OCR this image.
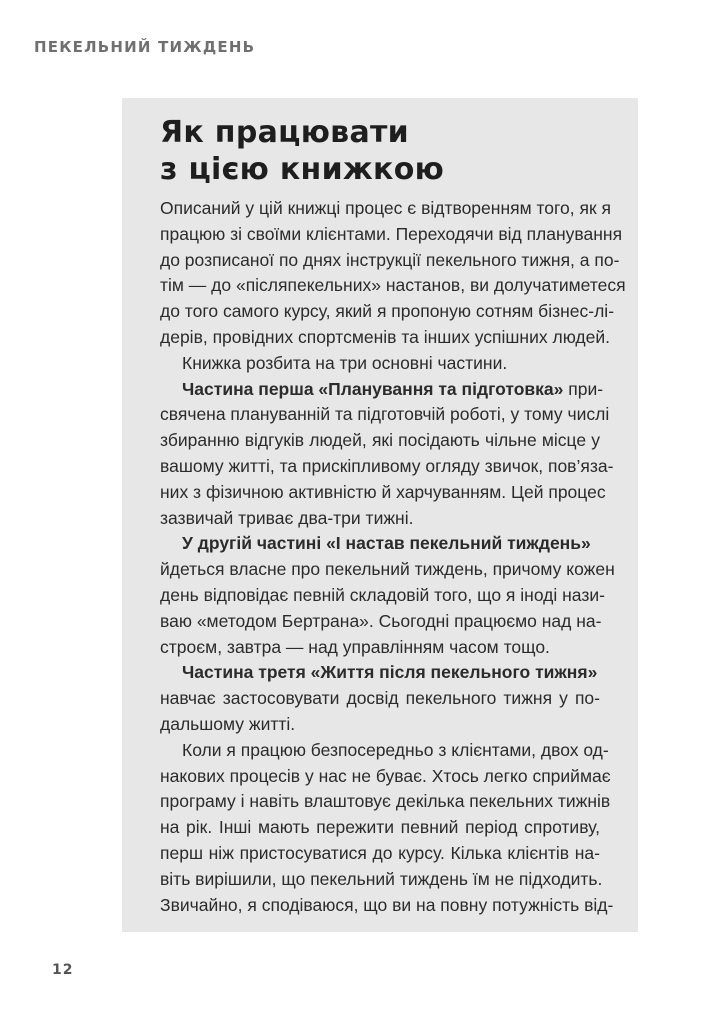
ПЕКЕЛЬНИЙ ТИЖДЕНЬ
Як працювати
з цією книжкою
Описаний у цій книжці процес є відтворенням того, як я
працюю зі своїми клієнтами. Переходячи від планування
до розписаної по днях інструкції пекельного тижня, а по-
тім — до «післяпекельних» настанов, ви долучатиметеся
до того самого курсу, який я пропоную сотням бізнес-лі-
дерів, провідних спортсменів та інших успішних людей.
Книжка розбита на три основні частини.
Частина перша «Планування та підготовка» при-
свячена плануванній та підготовчій роботі, у тому числі
збиранню відгуків людей, які посідають чільне місце у
вашому житті, та прискіпливому огляду звичок, пов’яза-
них з фізичною активністю й харчуванням. Цей процес
зазвичай триває два-три тижні.
У другій частині «І настав пекельний тиждень»
йдеться власне про пекельний тиждень, причому кожен
день відповідає певній складовій того, що я іноді нази-
ваю «методом Бертрана». Сьогодні працюємо над на-
строєм, завтра — над управлінням часом тощо.
Частина третя «Життя після пекельного тижня»
навчає застосовувати досвід пекельного тижня у по-
дальшому житті.
Коли я працюю безпосередньо з клієнтами, двох од-
накових процесів у нас не буває. Хтось легко сприймає
програму і навіть влаштовує декілька пекельних тижнів
на рік. Інші мають пережити певний період спротиву,
перш ніж пристосуватися до курсу. Кілька клієнтів на-
віть вирішили, що пекельний тиждень їм не підходить.
Звичайно, я сподіваюся, що ви на повну потужність від-
12
